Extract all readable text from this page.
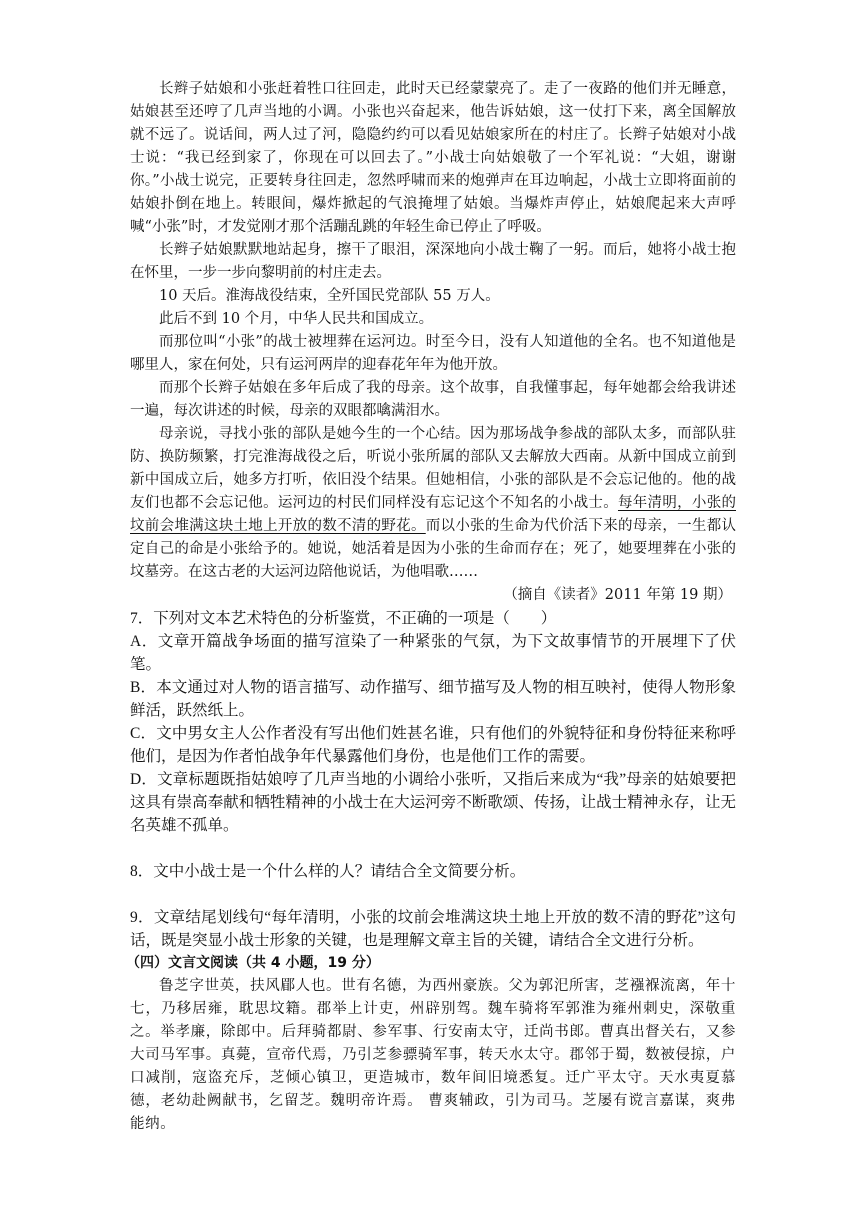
长辫子姑娘和小张赶着牲口往回走，此时天已经蒙蒙亮了。走了一夜路的他们并无睡意，姑娘甚至还哼了几声当地的小调。小张也兴奋起来，他告诉姑娘，这一仗打下来，离全国解放就不远了。说话间，两人过了河，隐隐约约可以看见姑娘家所在的村庄了。长辫子姑娘对小战士说：“我已经到家了，你现在可以回去了。”小战士向姑娘敬了一个军礼说：“大姐，谢谢你。”小战士说完，正要转身往回走，忽然呼啸而来的炮弹声在耳边响起，小战士立即将面前的姑娘扑倒在地上。转眼间，爆炸掀起的气浪掩埋了姑娘。当爆炸声停止，姑娘爬起来大声呼喊“小张”时，才发觉刚才那个活蹦乱跳的年轻生命已停止了呼吸。

长辫子姑娘默默地站起身，擦干了眼泪，深深地向小战士鞠了一躬。而后，她将小战士抱在怀里，一步一步向黎明前的村庄走去。

10 天后。淮海战役结束，全歼国民党部队 55 万人。

此后不到 10 个月，中华人民共和国成立。

而那位叫“小张”的战士被埋葬在运河边。时至今日，没有人知道他的全名。也不知道他是哪里人，家在何处，只有运河两岸的迎春花年年为他开放。

而那个长辫子姑娘在多年后成了我的母亲。这个故事，自我懂事起，每年她都会给我讲述一遍，每次讲述的时候，母亲的双眼都噙满泪水。

母亲说，寻找小张的部队是她今生的一个心结。因为那场战争参战的部队太多，而部队驻防、换防频繁，打完淮海战役之后，听说小张所属的部队又去解放大西南。从新中国成立前到新中国成立后，她多方打听，依旧没个结果。但她相信，小张的部队是不会忘记他的。他的战友们也都不会忘记他。运河边的村民们同样没有忘记这个不知名的小战士。每年清明，小张的坟前会堆满这块土地上开放的数不清的野花。而以小张的生命为代价活下来的母亲，一生都认定自己的命是小张给予的。她说，她活着是因为小张的生命而存在；死了，她要埋葬在小张的坟墓旁。在这古老的大运河边陪他说话，为他唱歌……

（摘自《读者》2011 年第 19 期）

7．下列对文本艺术特色的分析鉴赏，不正确的一项是（　　）

A．文章开篇战争场面的描写渲染了一种紧张的气氛，为下文故事情节的开展埋下了伏笔。

B．本文通过对人物的语言描写、动作描写、细节描写及人物的相互映衬，使得人物形象鲜活，跃然纸上。

C．文中男女主人公作者没有写出他们姓甚名谁，只有他们的外貌特征和身份特征来称呼他们，是因为作者怕战争年代暴露他们身份，也是他们工作的需要。

D．文章标题既指姑娘哼了几声当地的小调给小张听，又指后来成为“我”母亲的姑娘要把这具有崇高奉献和牺牲精神的小战士在大运河旁不断歌颂、传扬，让战士精神永存，让无名英雄不孤单。

8．文中小战士是一个什么样的人？请结合全文简要分析。

9．文章结尾划线句“每年清明，小张的坟前会堆满这块土地上开放的数不清的野花”这句话，既是突显小战士形象的关键，也是理解文章主旨的关键，请结合全文进行分析。

（四）文言文阅读（共 4 小题，19 分）

鲁芝字世英，扶风郿人也。世有名德，为西州豪族。父为郭汜所害，芝襁褓流离，年十七，乃移居雍，耽思坟籍。郡举上计吏，州辟别驾。魏车骑将军郭淮为雍州刺史，深敬重之。举孝廉，除郎中。后拜骑都尉、参军事、行安南太守，迁尚书郎。曹真出督关右，又参大司马军事。真薨，宣帝代焉，乃引芝参骠骑军事，转天水太守。郡邻于蜀，数被侵掠，户口减削，寇盗充斥，芝倾心镇卫，更造城市，数年间旧境悉复。迁广平太守。天水夷夏慕德，老幼赴阙献书，乞留芝。魏明帝许焉。 曹爽辅政，引为司马。芝屡有谠言嘉谋，爽弗能纳。
